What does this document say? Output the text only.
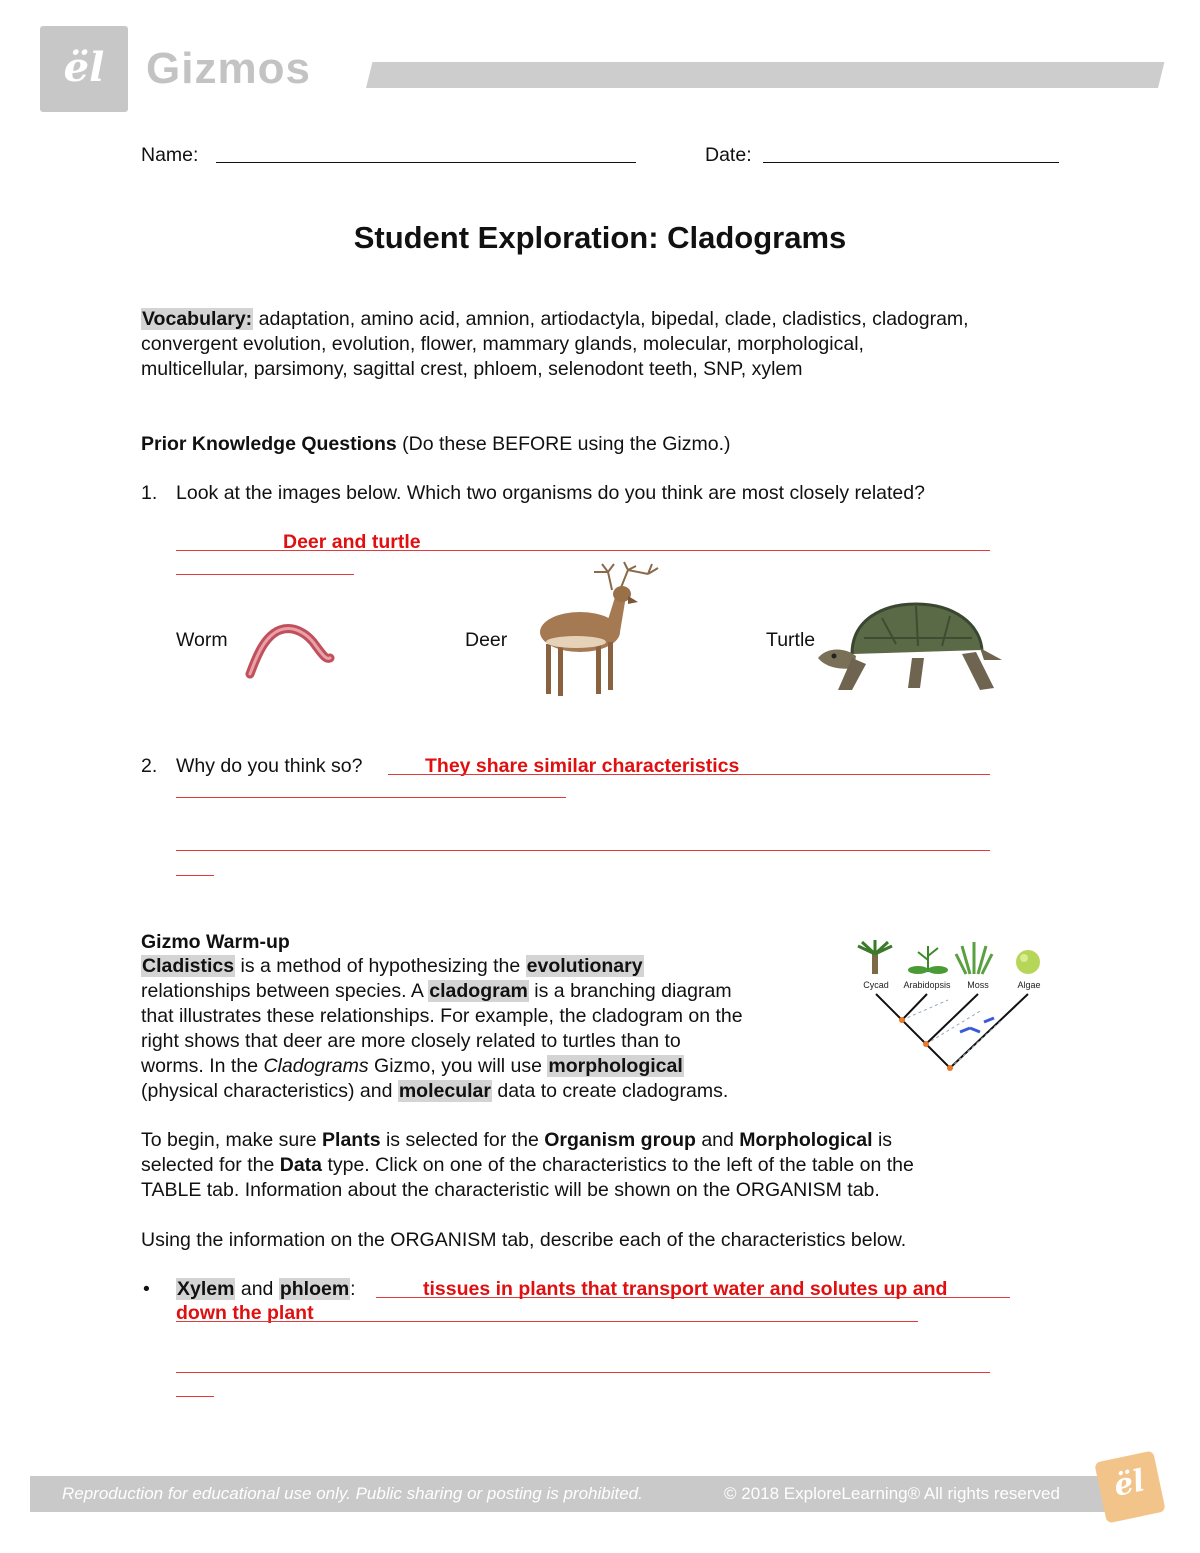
ël Gizmos
Name:	Date:
Student Exploration: Cladograms
Vocabulary: adaptation, amino acid, amnion, artiodactyla, bipedal, clade, cladistics, cladogram,
convergent evolution, evolution, flower, mammary glands, molecular, morphological,
multicellular, parsimony, sagittal crest, phloem, selenodont teeth, SNP, xylem
Prior Knowledge Questions (Do these BEFORE using the Gizmo.)
1. Look at the images below. Which two organisms do you think are most closely related?
Deer and turtle
Worm	Deer	Turtle
2. Why do you think so?	They share similar characteristics
Gizmo Warm-up
Cladistics is a method of hypothesizing the evolutionary
relationships between species. A cladogram is a branching diagram
that illustrates these relationships. For example, the cladogram on the
right shows that deer are more closely related to turtles than to
worms. In the Cladograms Gizmo, you will use morphological
(physical characteristics) and molecular data to create cladograms.
Cycad Arabidopsis Moss	Algae
To begin, make sure Plants is selected for the Organism group and Morphological is
selected for the Data type. Click on one of the characteristics to the left of the table on the
TABLE tab. Information about the characteristic will be shown on the ORGANISM tab.
Using the information on the ORGANISM tab, describe each of the characteristics below.
• Xylem and phloem:	tissues in plants that transport water and solutes up and
down the plant
Reproduction for educational use only. Public sharing or posting is prohibited.	© 2018 ExploreLearning® All rights reserved	ël
